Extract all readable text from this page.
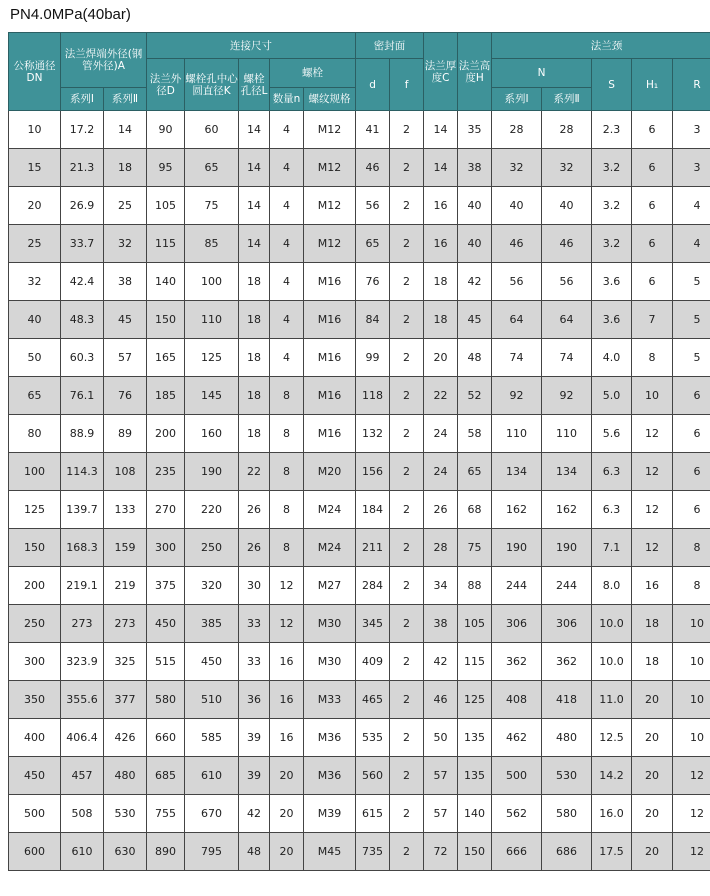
PN4.0MPa(40bar)
公称通径DN	法兰焊端外径(钢管外径)A		连接尺寸					密封面		法兰厚度C	法兰高度H	法兰颈				
			法兰外径D	螺栓孔中心圆直径K	螺栓孔径L	螺栓		d	f			N		S	H₁	R
	系列Ⅰ	系列Ⅱ				数量n	螺纹规格					系列Ⅰ	系列Ⅱ			
10	17.2	14	90	60	14	4	M12	41	2	14	35	28	28	2.3	6	3
15	21.3	18	95	65	14	4	M12	46	2	14	38	32	32	3.2	6	3
20	26.9	25	105	75	14	4	M12	56	2	16	40	40	40	3.2	6	4
25	33.7	32	115	85	14	4	M12	65	2	16	40	46	46	3.2	6	4
32	42.4	38	140	100	18	4	M16	76	2	18	42	56	56	3.6	6	5
40	48.3	45	150	110	18	4	M16	84	2	18	45	64	64	3.6	7	5
50	60.3	57	165	125	18	4	M16	99	2	20	48	74	74	4.0	8	5
65	76.1	76	185	145	18	8	M16	118	2	22	52	92	92	5.0	10	6
80	88.9	89	200	160	18	8	M16	132	2	24	58	110	110	5.6	12	6
100	114.3	108	235	190	22	8	M20	156	2	24	65	134	134	6.3	12	6
125	139.7	133	270	220	26	8	M24	184	2	26	68	162	162	6.3	12	6
150	168.3	159	300	250	26	8	M24	211	2	28	75	190	190	7.1	12	8
200	219.1	219	375	320	30	12	M27	284	2	34	88	244	244	8.0	16	8
250	273	273	450	385	33	12	M30	345	2	38	105	306	306	10.0	18	10
300	323.9	325	515	450	33	16	M30	409	2	42	115	362	362	10.0	18	10
350	355.6	377	580	510	36	16	M33	465	2	46	125	408	418	11.0	20	10
400	406.4	426	660	585	39	16	M36	535	2	50	135	462	480	12.5	20	10
450	457	480	685	610	39	20	M36	560	2	57	135	500	530	14.2	20	12
500	508	530	755	670	42	20	M39	615	2	57	140	562	580	16.0	20	12
600	610	630	890	795	48	20	M45	735	2	72	150	666	686	17.5	20	12
